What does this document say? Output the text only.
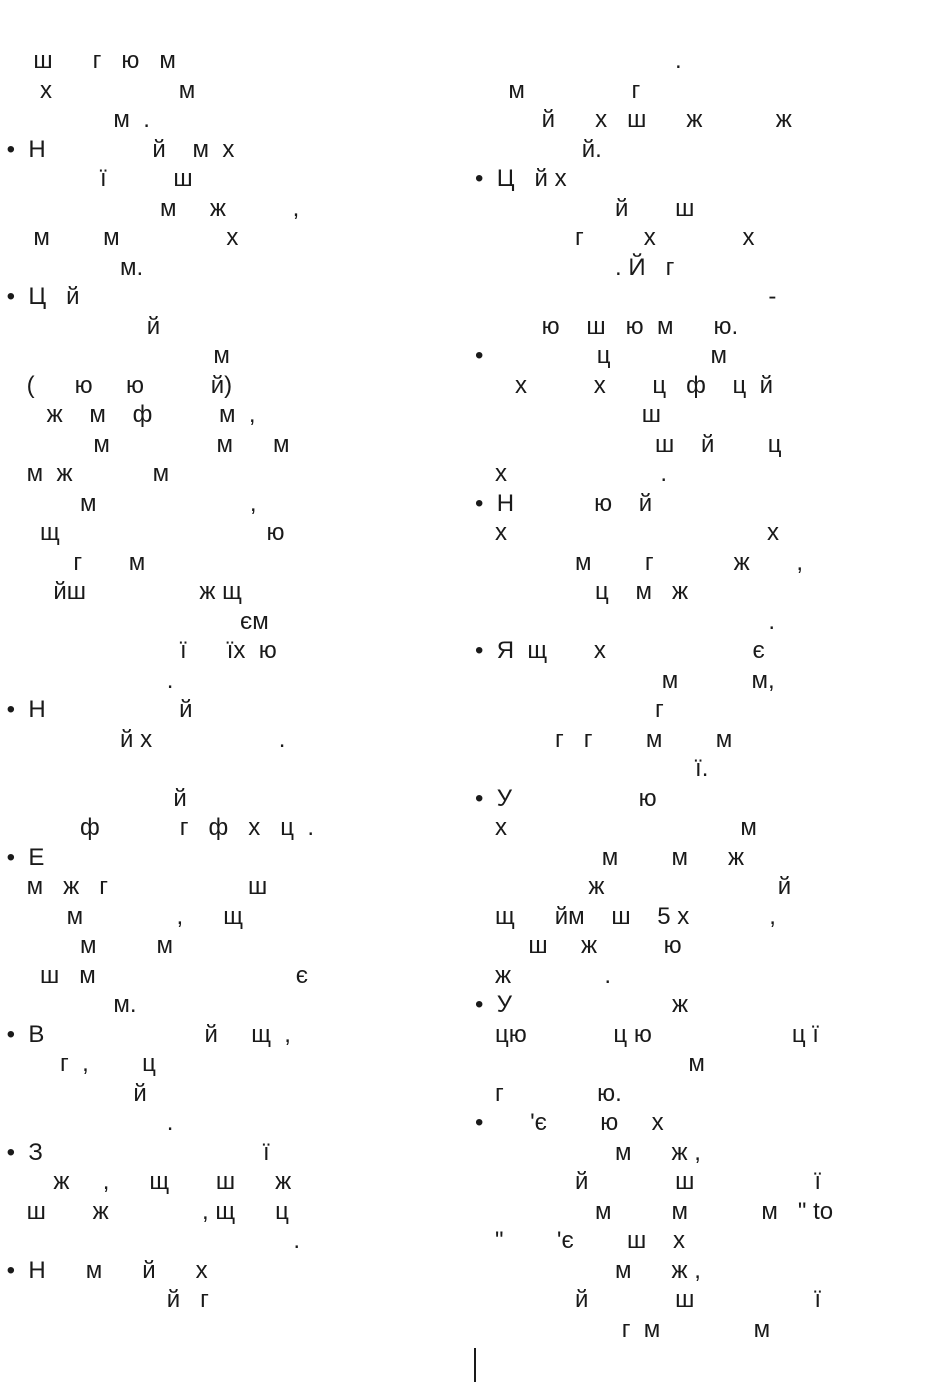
ш      г   ю   м
х                   м
м  .
•  Н                й    м  х
ї          ш
м     ж          ,
м        м                х
м.
•  Ц   й
й
м
(      ю     ю          й)
ж    м    ф          м  ,
м                м      м
м  ж            м
м                       ,
щ                               ю
г       м
йш                 ж щ
єм
ї      їх  ю
.
•  Н                    й
й х                   .
й
ф            г   ф   х   ц  .
•  Е
м   ж   г                     ш
м              ,      щ
м         м
ш   м                              є
м.
•  В                        й     щ  ,
г  ,        ц
й
.
•  З                                 ї
ж     ,      щ       ш      ж
ш       ж              , щ      ц
.
•  Н      м      й      х
й   г
.
м                г
й      х   ш      ж           ж
й.
•  Ц   й х
й       ш
г         х             х
. Й   г
-
ю    ш   ю  м      ю.
•                 ц               м
х          х       ц   ф    ц  й
ш
ш    й        ц
х                       .
•  Н            ю    й
х                                       х
м        г            ж       ,
ц    м   ж
.
•  Я  щ       х                      є
м           м,
г
г   г        м        м
ї.
•  У                   ю
х                                   м
м        м      ж
ж                          й
щ      йм    ш    5 х            ,
ш     ж          ю
ж              .
•  У                        ж
цю             ц ю                     ц ї
м
г              ю.
•       'є        ю     х
м      ж ,
й             ш                  ї
м         м           м   " to
"        'є        ш    х
м      ж ,
й             ш                  ї
г  м              м
